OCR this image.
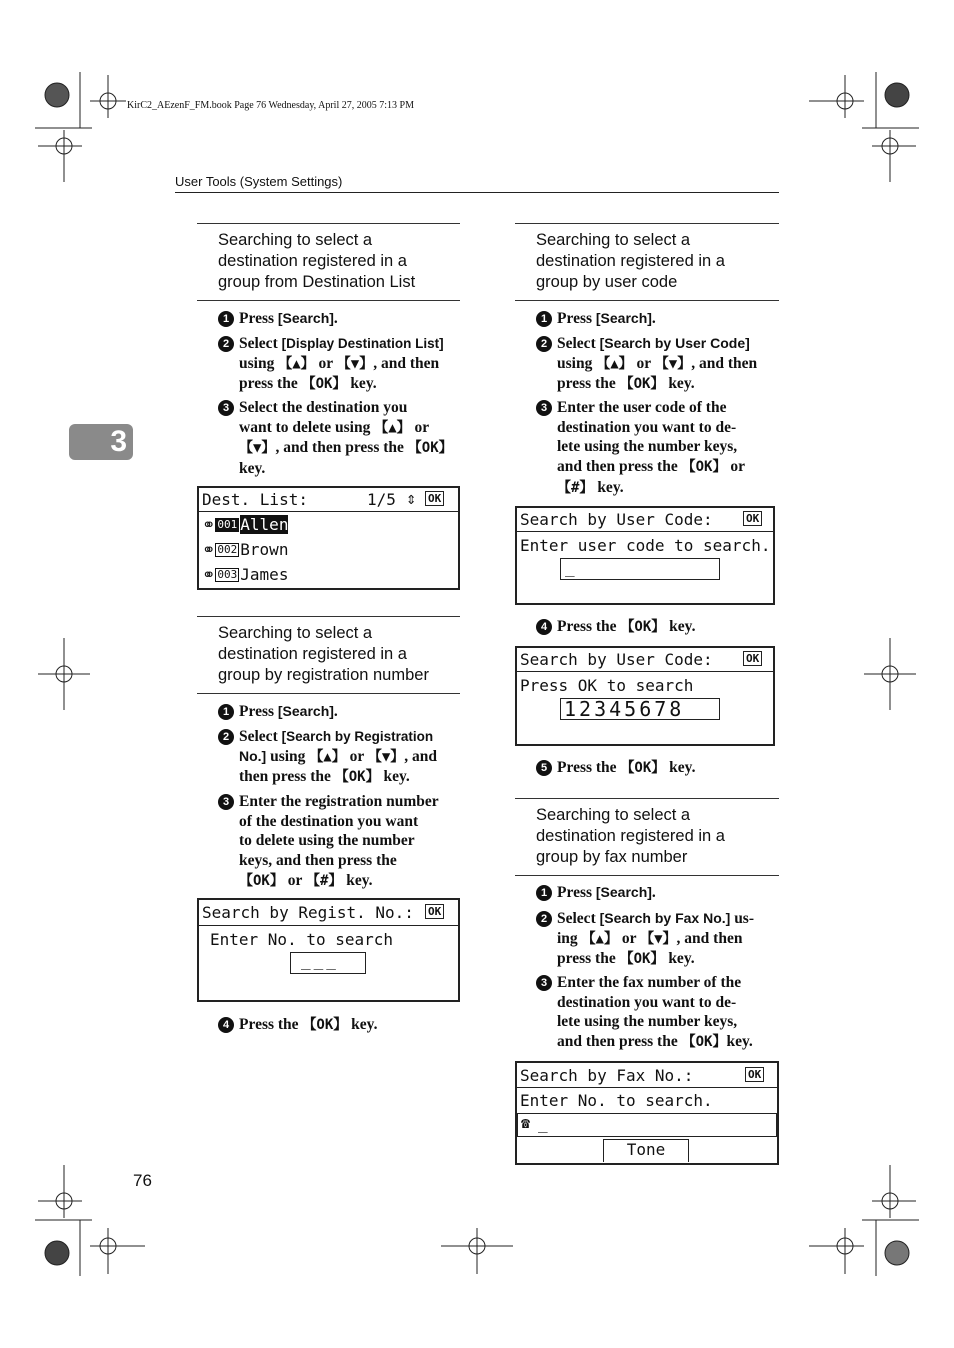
KirC2_AEzenF_FM.book Page 76 Wednesday, April 27, 2005 7:13 PM
User Tools (System Settings)
3
76
Searching to select a
destination registered in a
group from Destination List
1 Press [Search].
2 Select [Display Destination List]
using 【▲】 or 【▼】, and then
press the 【OK】 key.
3 Select the destination you
want to delete using 【▲】 or
【▼】, and then press the 【OK】
key.
Dest. List:	1/5 ⇕ OK
⚭ 001 Allen
⚭ 002 Brown
⚭ 003 James
Searching to select a
destination registered in a
group by registration number
1 Press [Search].
2 Select [Search by Registration
No.] using 【▲】 or 【▼】, and
then press the 【OK】 key.
3 Enter the registration number
of the destination you want
to delete using the number
keys, and then press the
【OK】 or 【#】 key.
Search by Regist. No.: OK
Enter No. to search
___
4 Press the 【OK】 key.
Searching to select a
destination registered in a
group by user code
1 Press [Search].
2 Select [Search by User Code]
using 【▲】 or 【▼】, and then
press the 【OK】 key.
3 Enter the user code of the
destination you want to de-
lete using the number keys,
and then press the 【OK】 or
【#】 key.
Search by User Code:	OK
Enter user code to search.
_
4 Press the 【OK】 key.
Search by User Code:	OK
Press OK to search
12345678
5 Press the 【OK】 key.
Searching to select a
destination registered in a
group by fax number
1 Press [Search].
2 Select [Search by Fax No.] us-
ing 【▲】 or 【▼】, and then
press the 【OK】 key.
3 Enter the fax number of the
destination you want to de-
lete using the number keys,
and then press the 【OK】key.
Search by Fax No.:	OK
Enter No. to search.
☎ _
Tone
